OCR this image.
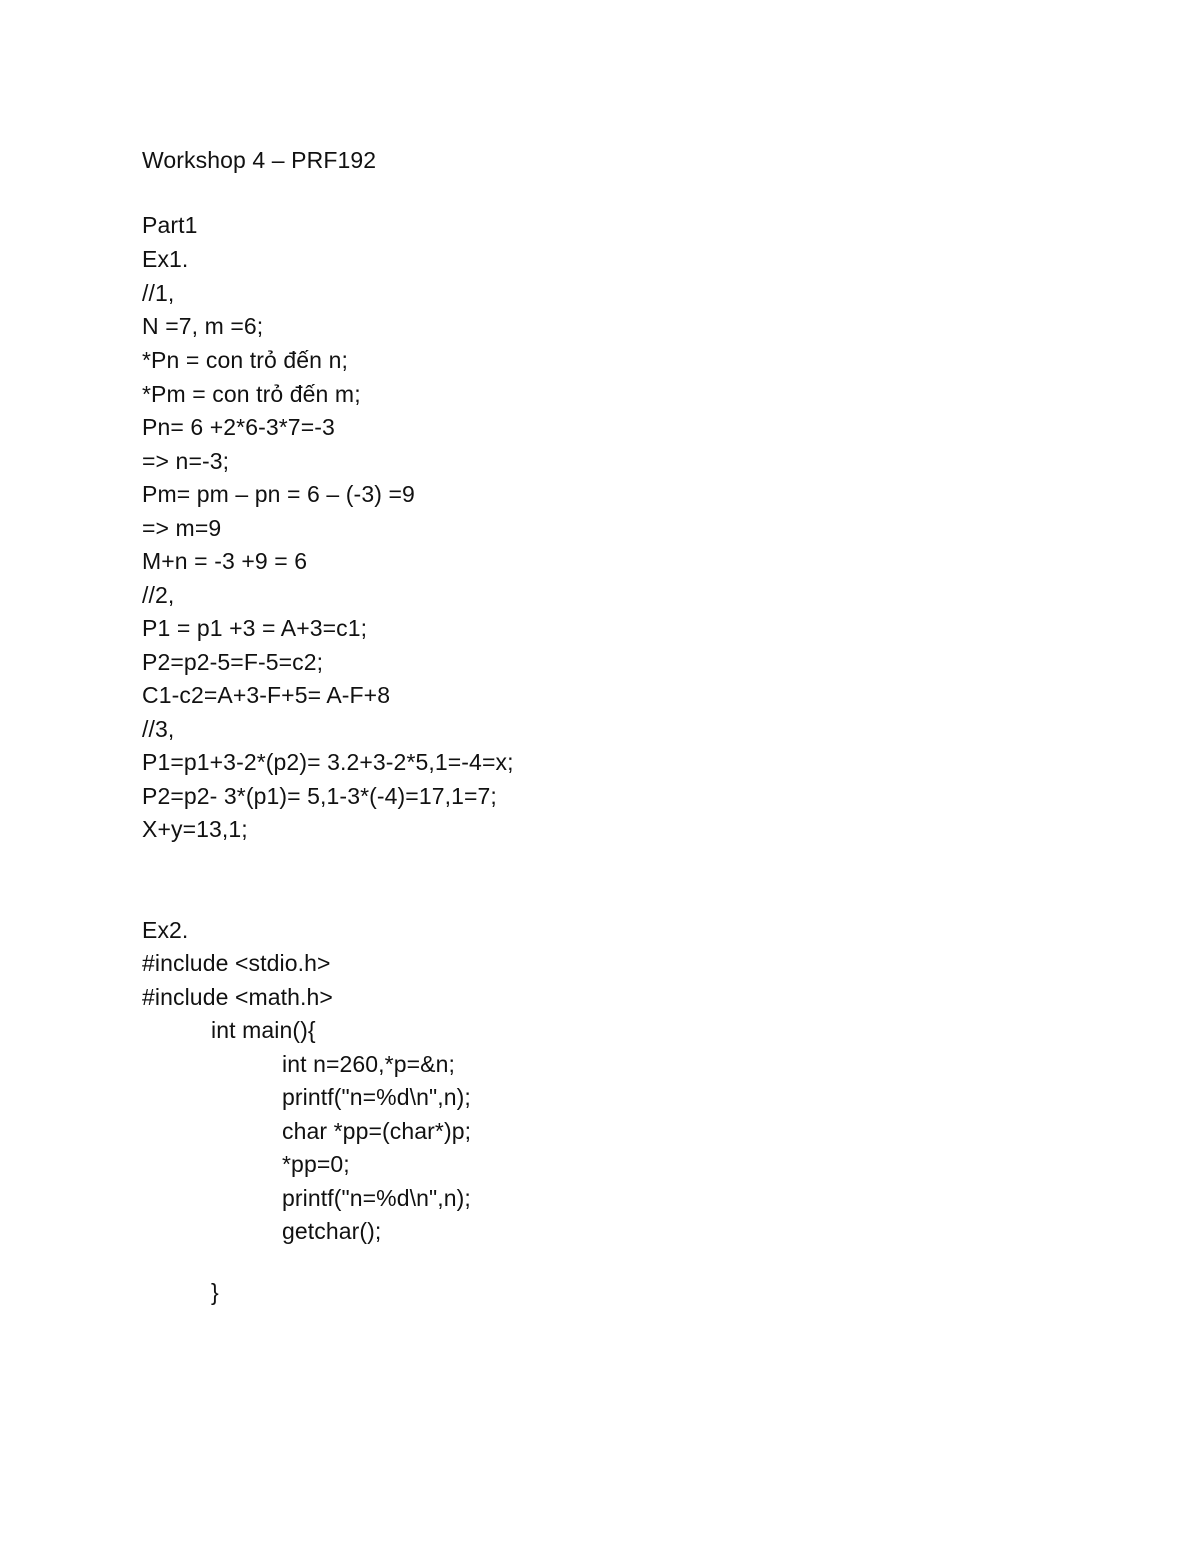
Workshop 4 – PRF192
Part1
Ex1.
//1,
N =7, m =6;
*Pn = con trỏ đến n;
*Pm = con trỏ đến m;
Pn= 6 +2*6-3*7=-3
=> n=-3;
Pm= pm – pn = 6 – (-3) =9
=> m=9
M+n = -3 +9 = 6
//2,
P1 = p1 +3 = A+3=c1;
P2=p2-5=F-5=c2;
C1-c2=A+3-F+5= A-F+8
//3,
P1=p1+3-2*(p2)= 3.2+3-2*5,1=-4=x;
P2=p2- 3*(p1)= 5,1-3*(-4)=17,1=7;
X+y=13,1;
Ex2.
#include <stdio.h>
#include <math.h>
int main(){
int n=260,*p=&n;
printf("n=%d\n",n);
char *pp=(char*)p;
*pp=0;
printf("n=%d\n",n);
getchar();
}
